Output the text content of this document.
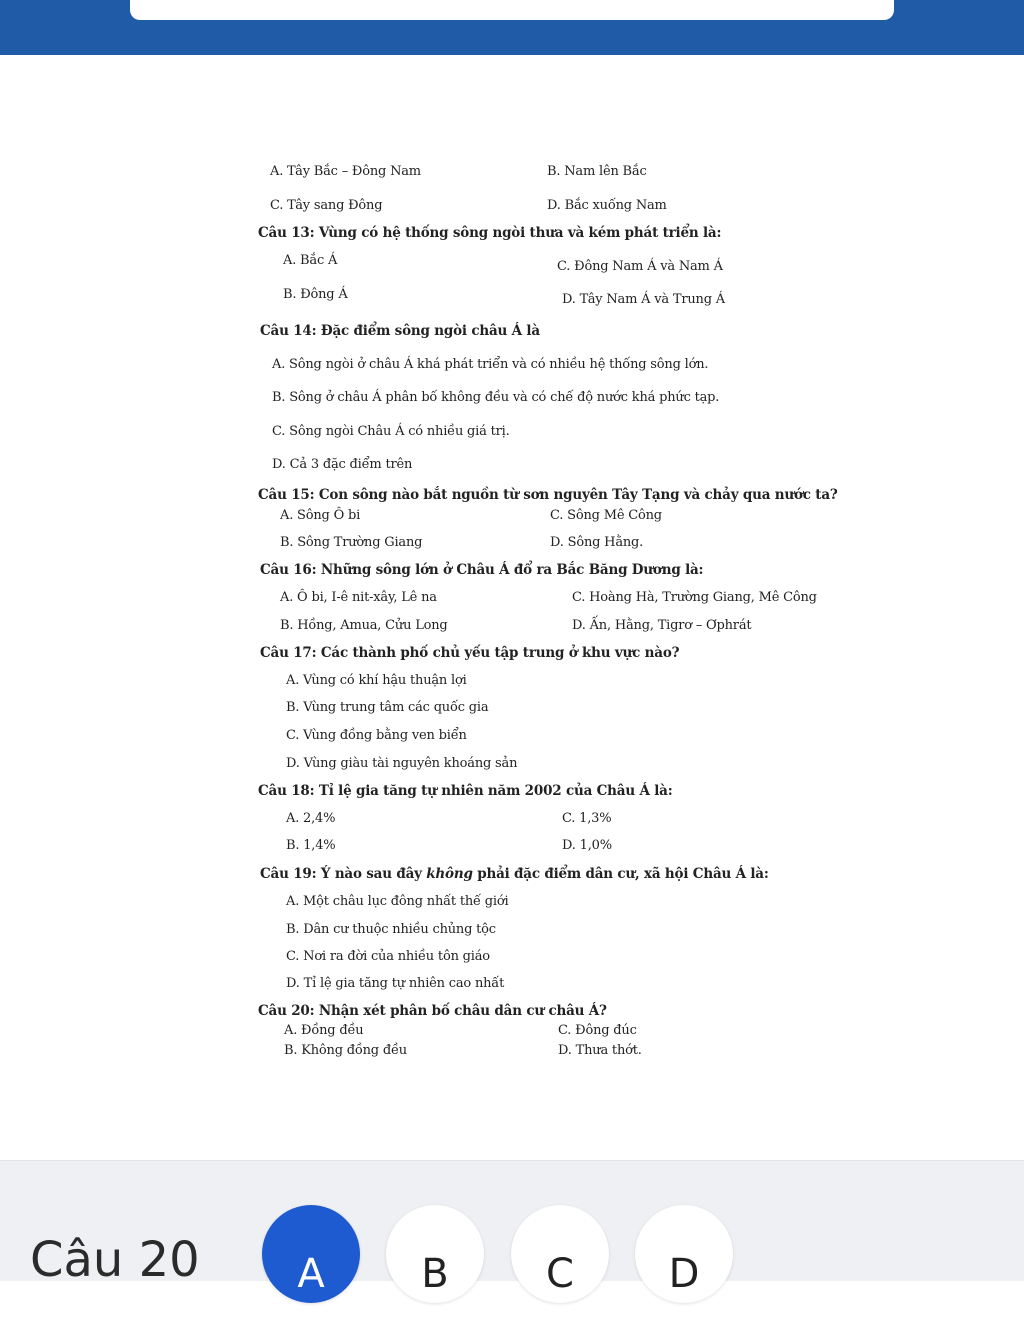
A. Tây Bắc – Đông Nam	B. Nam lên Bắc
C. Tây sang Đông	D. Bắc xuống Nam
Câu 13: Vùng có hệ thống sông ngòi thưa và kém phát triển là:
A. Bắc Á	C. Đông Nam Á và Nam Á
B. Đông Á	D. Tây Nam Á và Trung Á
Câu 14: Đặc điểm sông ngòi châu Á là
A. Sông ngòi ở châu Á khá phát triển và có nhiều hệ thống sông lớn.
B. Sông ở châu Á phân bố không đều và có chế độ nước khá phức tạp.
C. Sông ngòi Châu Á có nhiều giá trị.
D. Cả 3 đặc điểm trên
Câu 15: Con sông nào bắt nguồn từ sơn nguyên Tây Tạng và chảy qua nước ta?
A. Sông Ô bi	C. Sông Mê Công
B. Sông Trường Giang	D. Sông Hằng.
Câu 16: Những sông lớn ở Châu Á đổ ra Bắc Băng Dương là:
A. Ô bi, I-ê nit-xây, Lê na	C. Hoàng Hà, Trường Giang, Mê Công
B. Hồng, Amua, Cửu Long	D. Ấn, Hằng, Tigrơ – Ơphrát
Câu 17: Các thành phố chủ yếu tập trung ở khu vực nào?
A. Vùng có khí hậu thuận lợi
B. Vùng trung tâm các quốc gia
C. Vùng đồng bằng ven biển
D. Vùng giàu tài nguyên khoáng sản
Câu 18: Tỉ lệ gia tăng tự nhiên năm 2002 của Châu Á là:
A. 2,4%	C. 1,3%
B. 1,4%	D. 1,0%
Câu 19: Ý nào sau đây không phải đặc điểm dân cư, xã hội Châu Á là:
A. Một châu lục đông nhất thế giới
B. Dân cư thuộc nhiều chủng tộc
C. Nơi ra đời của nhiều tôn giáo
D. Tỉ lệ gia tăng tự nhiên cao nhất
Câu 20: Nhận xét phân bố châu dân cư châu Á?
A. Đồng đều	C. Đông đúc
B. Không đồng đều	D. Thưa thớt.
Câu 20	A	B	C	D
